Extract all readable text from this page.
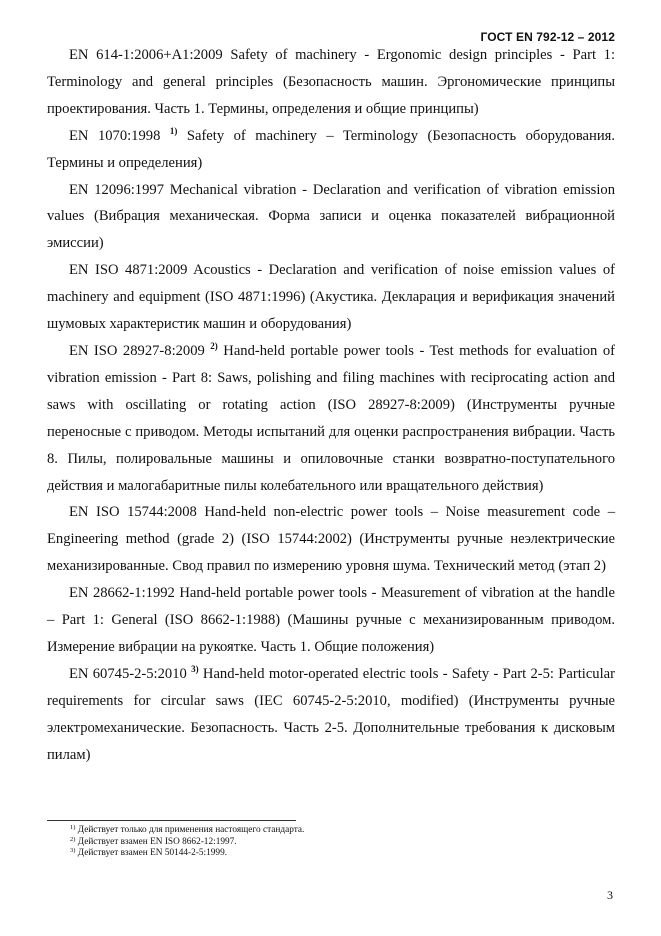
ГОСТ EN 792-12 – 2012

EN 614-1:2006+A1:2009 Safety of machinery - Ergonomic design principles - Part 1: Terminology and general principles (Безопасность машин. Эргономические принципы проектирования. Часть 1. Термины, определения и общие принципы)

EN 1070:1998 $^{1)}$ Safety of machinery – Terminology (Безопасность оборудования. Термины и определения)

EN 12096:1997 Mechanical vibration - Declaration and verification of vibration emission values (Вибрация механическая. Форма записи и оценка показателей вибрационной эмиссии)

EN ISO 4871:2009 Acoustics - Declaration and verification of noise emission values of machinery and equipment (ISO 4871:1996) (Акустика. Декларация и верификация значений шумовых характеристик машин и оборудования)

EN ISO 28927-8:2009 $^{2)}$ Hand-held portable power tools - Test methods for evaluation of vibration emission - Part 8: Saws, polishing and filing machines with reciprocating action and saws with oscillating or rotating action (ISO 28927-8:2009) (Инструменты ручные переносные с приводом. Методы испытаний для оценки распространения вибрации. Часть 8. Пилы, полировальные машины и опиловочные станки возвратно-поступательного действия и малогабаритные пилы колебательного или вращательного действия)

EN ISO 15744:2008 Hand-held non-electric power tools – Noise measurement code – Engineering method (grade 2) (ISO 15744:2002) (Инструменты ручные неэлектрические механизированные. Свод правил по измерению уровня шума. Технический метод (этап 2)

EN 28662-1:1992 Hand-held portable power tools - Measurement of vibration at the handle – Part 1: General (ISO 8662-1:1988) (Машины ручные с механизированным приводом. Измерение вибрации на рукоятке. Часть 1. Общие положения)

EN 60745-2-5:2010 $^{3)}$ Hand-held motor-operated electric tools - Safety - Part 2-5: Particular requirements for circular saws (IEC 60745-2-5:2010, modified) (Инструменты ручные электромеханические. Безопасность. Часть 2-5. Дополнительные требования к дисковым пилам)

$^{1)}$ Действует только для применения настоящего стандарта.

$^{2)}$ Действует взамен EN ISO 8662-12:1997.

$^{3)}$ Действует взамен EN 50144-2-5:1999.

3
